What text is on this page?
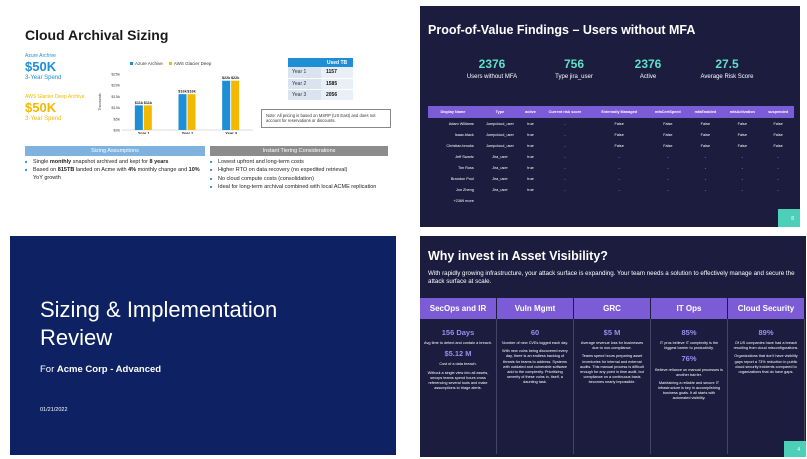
Cloud Archival Sizing
Azure Archive
$50K
3-Year Spend
AWS Glacier Deep Archive
$50K
3-Year Spend
Azure Archive AWS Glacier Deep
$25k
$20k
$15k
$10k
$5k
$0k
Thousands	$11k $11k
Year 1
$16k $16k
Year 2
$22k $22k
Year 3
	Used TB
Year 1	1157
Year 2	1585
Year 3	2056
Note: All pricing is based on MSRP (US East) and does not account for reservations or discounts.
Sizing Assumptions	Instant Tiering Considerations
■ Single monthly snapshot archived and kept for 8 years
■ Based on 815TB landed on Acme with 4% monthly change and 10% YoY growth
■ Lowest upfront and long-term costs
■ Higher RTO on data recovery (no expedited retrieval)
■ No cloud compute costs (consolidation)
■ Ideal for long-term archival combined with local ACME replication
Proof-of-Value Findings – Users without MFA
2376
Users without MFA
756
Type jira_user
2376
Active
27.5
Average Risk Score
Display Name	Type	active	Current risk score	Externally Managed	mfaCertSpeed	mfaEnabled	mfaActivation	suspended
Adam Williams	Jumpcloud_user	true	-	False	False	False	False	False
Isaac.black	Jumpcloud_user	true	-	False	False	False	False	False
Christian.brooks	Jumpcloud_user	true	-	False	False	False	False	False
Jeff Swartz	Jira_user	true	-	-	-	-	-	-
Tim Ross	Jira_user	true	-	-	-	-	-	-
Brandon Pool	Jira_user	true	-	-	-	-	-	-
Jon Zheng	Jira_user	true	-	-	-	-	-	-
+2369 more								
8
Sizing & Implementation Review
For Acme Corp - Advanced
01/21/2022
Why invest in Asset Visibility?
With rapidly growing infrastructure, your attack surface is expanding. Your team needs a solution to effectively manage and secure the attack surface at scale.
SecOps and IR
156 Days

Avg time to detect and contain a breach.

$5.12 M

Cost of a data breach.

Without a single view into all assets, secops teams spend hours cross referencing several tools and make assumptions to triage alerts.

Vuln Mgmt
60

Number of new CVEs logged each day.

With new vulns being discovered every day, there is an endless backlog of threats for teams to address. Systems with outdated and vulnerable software add to the complexity. Prioritizing severity of these vulns in, itself, a daunting task.

GRC
$5 M

Average revenue loss for businesses due to non-compliance.

Teams spend hours preparing asset inventories for internal and external audits. This manual process is difficult enough for any point in time audit, but compliance on a continuous basis becomes nearly impossible.

IT Ops
85%

IT pros believe IT complexity is the biggest barrier to productivity.

76%

Believe reliance on manual processes is another barrier.

Maintaining a reliable and secure IT infrastructure is key in accomplishing business goals. It all starts with automated visibility.

Cloud Security
89%

Of US companies have had a breach resulting from cloud misconfigurations.

Organizations that don't have visibility gaps report a 73% reduction in public cloud security incidents compared to organizations that do have gaps.

4
